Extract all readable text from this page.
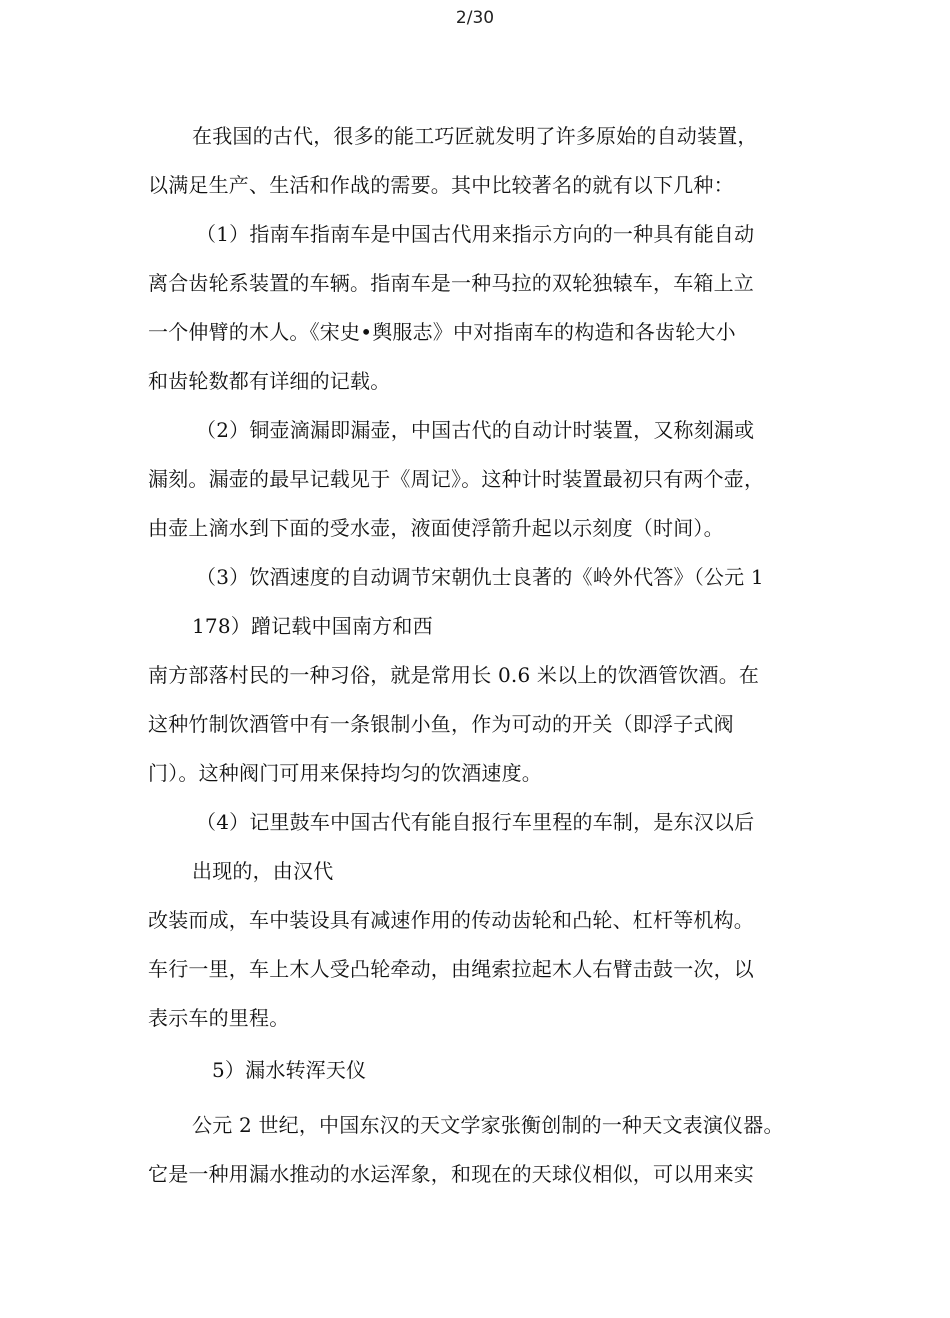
2/30
在我国的古代，很多的能工巧匠就发明了许多原始的自动装置，
以满足生产、生活和作战的需要。其中比较著名的就有以下几种：
（1）指南车指南车是中国古代用来指示方向的一种具有能自动
离合齿轮系装置的车辆。指南车是一种马拉的双轮独辕车，车箱上立
一个伸臂的木人。《宋史•舆服志》中对指南车的构造和各齿轮大小
和齿轮数都有详细的记载。
（2）铜壶滴漏即漏壶，中国古代的自动计时装置，又称刻漏或
漏刻。漏壶的最早记载见于《周记》。这种计时装置最初只有两个壶，
由壶上滴水到下面的受水壶，液面使浮箭升起以示刻度（时间）。
（3）饮酒速度的自动调节宋朝仇士良著的《岭外代答》（公元 1
178）蹭记载中国南方和西
南方部落村民的一种习俗，就是常用长 0.6 米以上的饮酒管饮酒。在
这种竹制饮酒管中有一条银制小鱼，作为可动的开关（即浮子式阀
门）。这种阀门可用来保持均匀的饮酒速度。
（4）记里鼓车中国古代有能自报行车里程的车制，是东汉以后
出现的，由汉代
改装而成，车中装设具有减速作用的传动齿轮和凸轮、杠杆等机构。
车行一里，车上木人受凸轮牵动，由绳索拉起木人右臂击鼓一次，以
表示车的里程。
5）漏水转浑天仪
公元 2 世纪，中国东汉的天文学家张衡创制的一种天文表演仪器。
它是一种用漏水推动的水运浑象，和现在的天球仪相似，可以用来实
